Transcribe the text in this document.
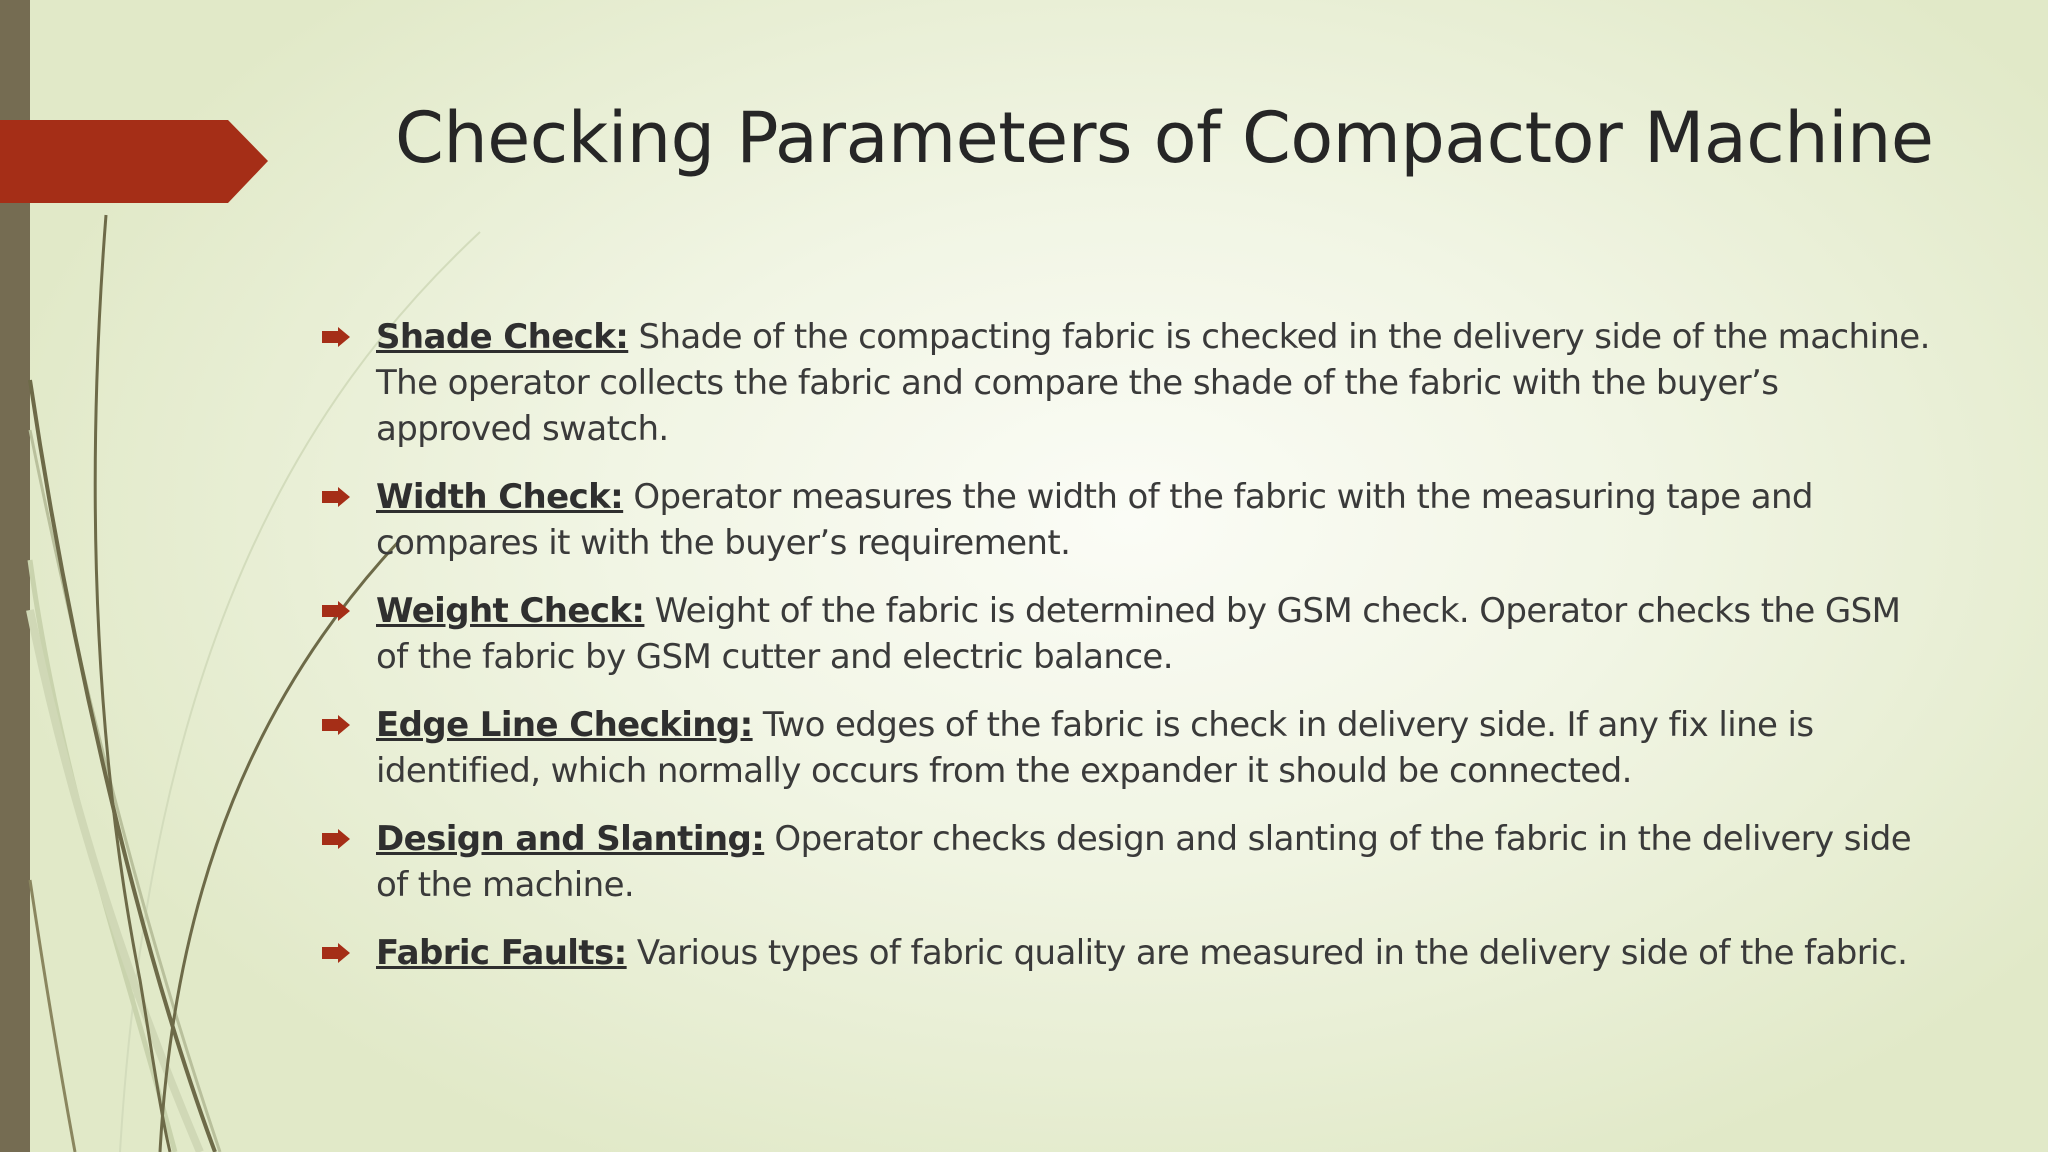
Checking Parameters of Compactor Machine
Shade Check: Shade of the compacting fabric is checked in the delivery side of the machine. The operator collects the fabric and compare the shade of the fabric with the buyer’s approved swatch.
Width Check: Operator measures the width of the fabric with the measuring tape and compares it with the buyer’s requirement.
Weight Check: Weight of the fabric is determined by GSM check. Operator checks the GSM of the fabric by GSM cutter and electric balance.
Edge Line Checking: Two edges of the fabric is check in delivery side. If any fix line is identified, which normally occurs from the expander it should be connected.
Design and Slanting: Operator checks design and slanting of the fabric in the delivery side of the machine.
Fabric Faults: Various types of fabric quality are measured in the delivery side of the fabric.
